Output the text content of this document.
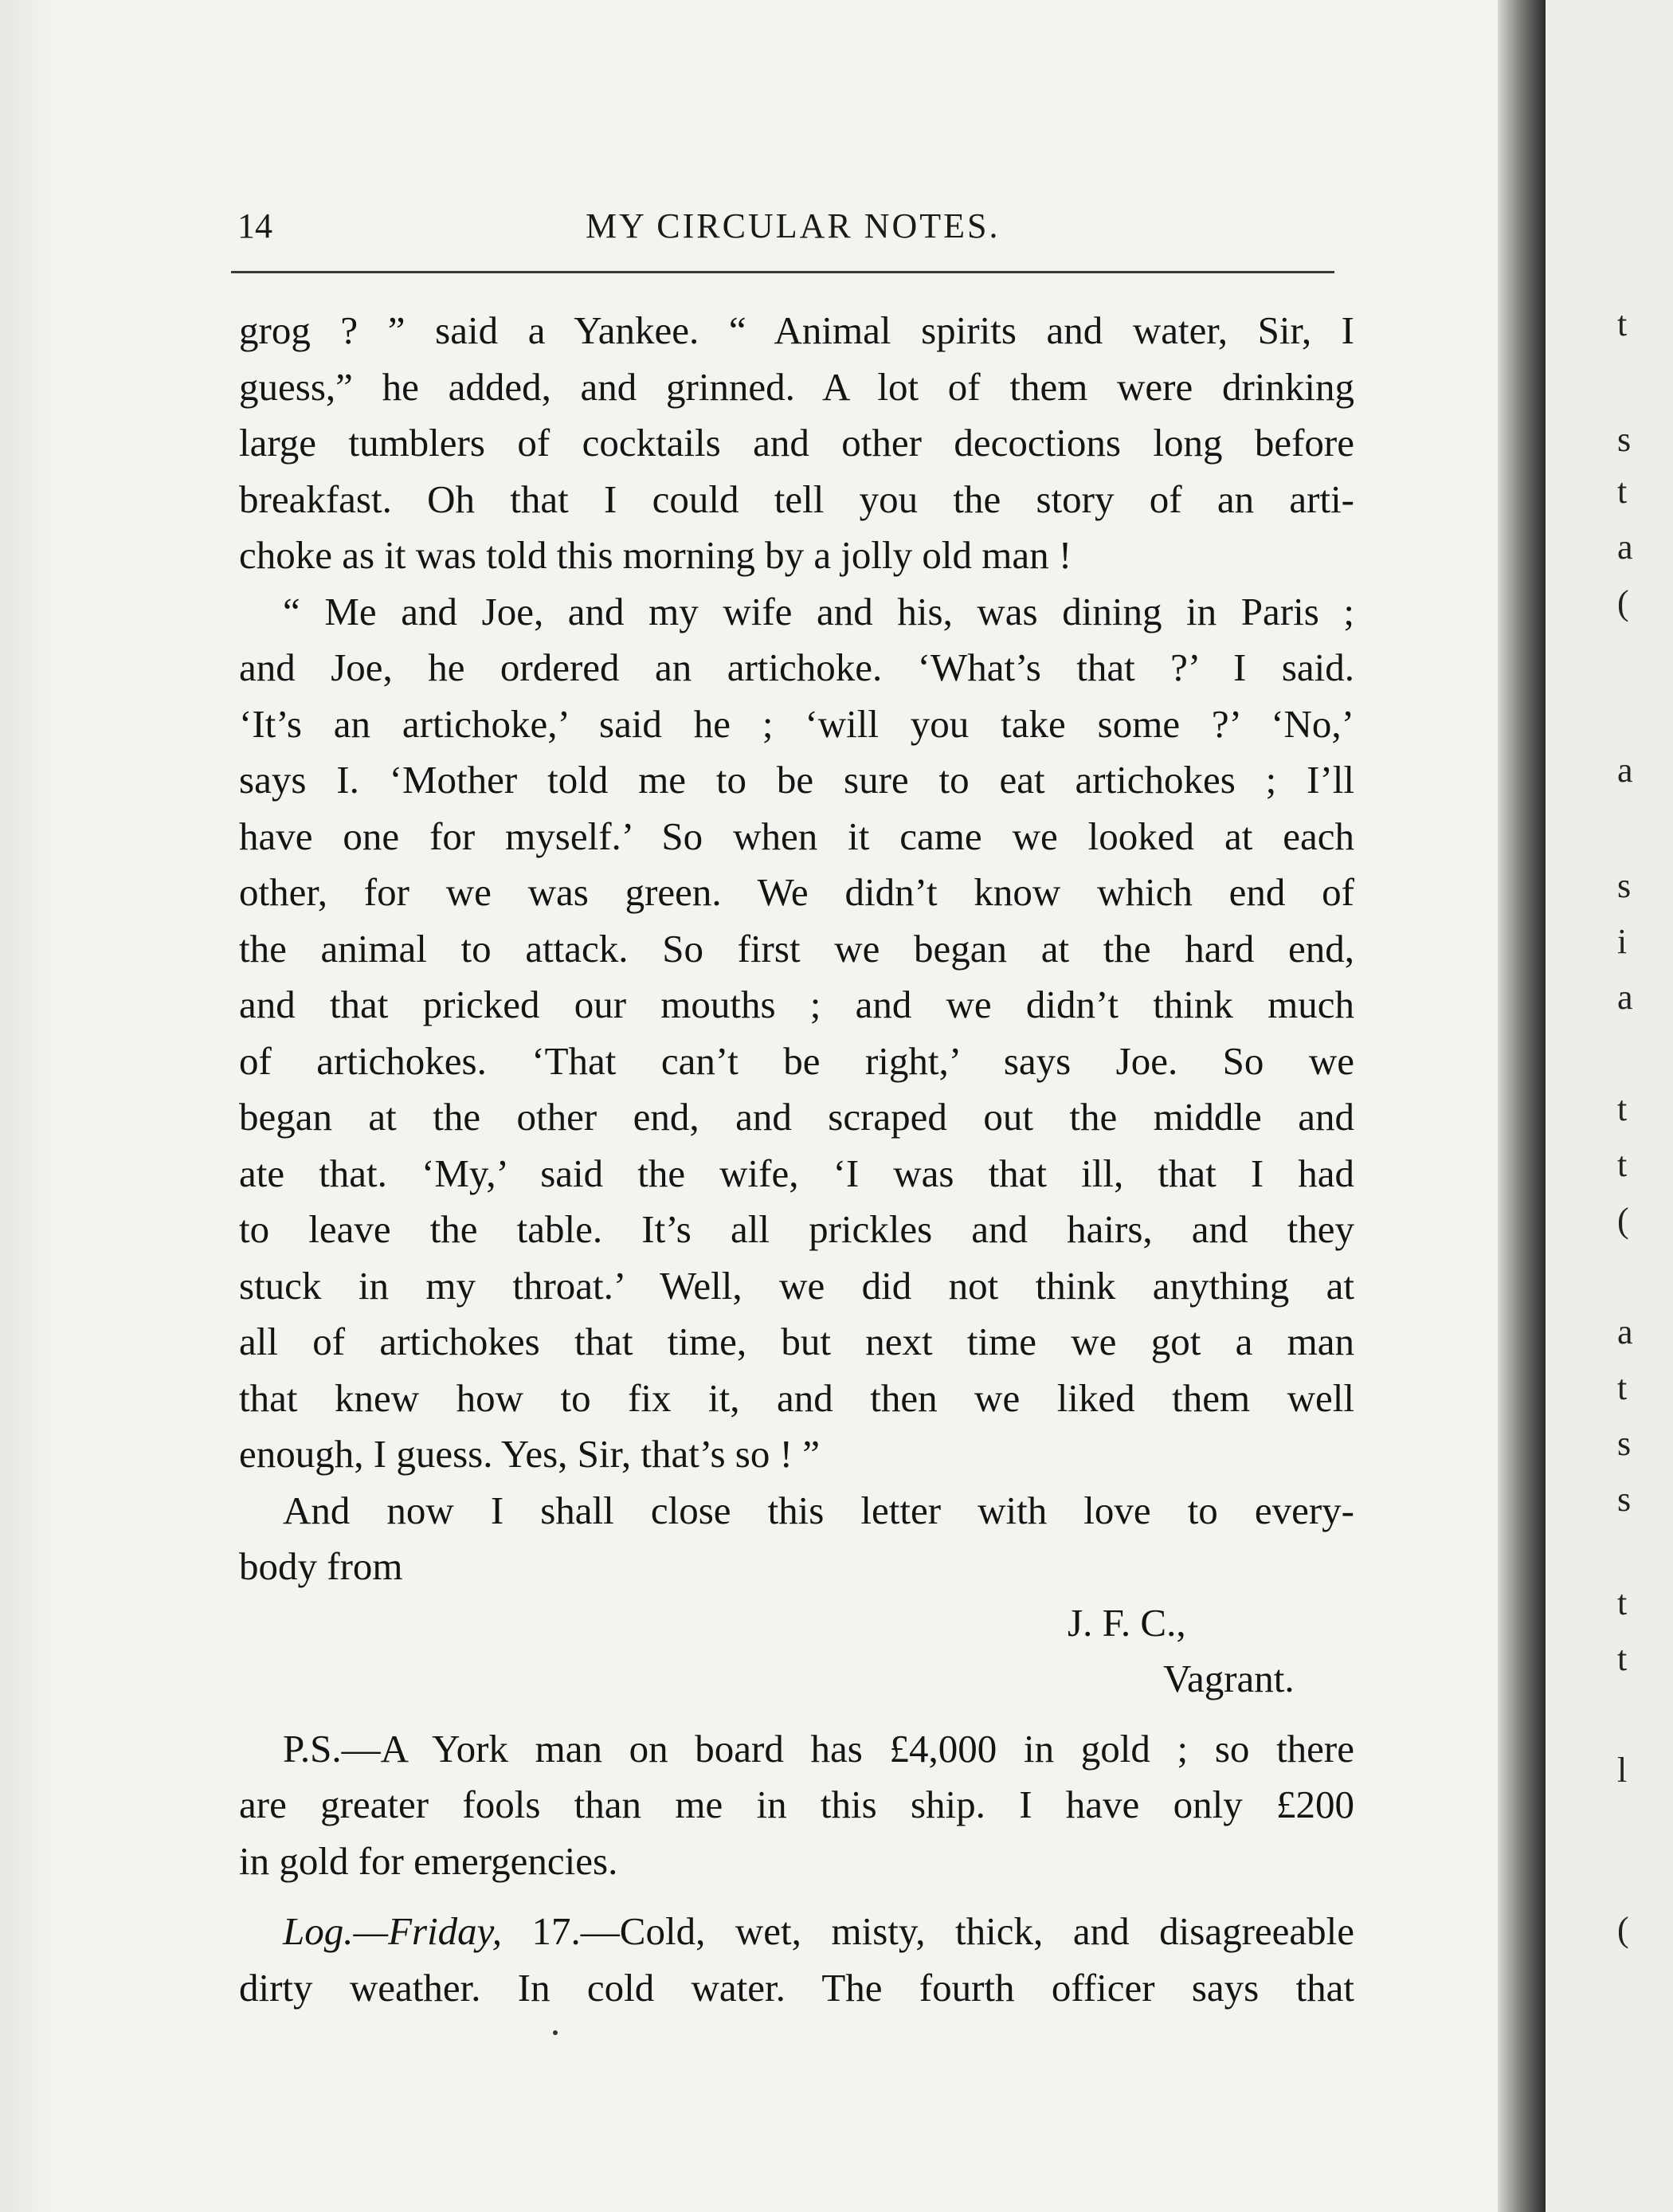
14	MY CIRCULAR NOTES.
grog ? ” said a Yankee. “ Animal spirits and water, Sir, I
guess,” he added, and grinned. A lot of them were drinking
large tumblers of cocktails and other decoctions long before
breakfast. Oh that I could tell you the story of an arti-
choke as it was told this morning by a jolly old man !
“ Me and Joe, and my wife and his, was dining in Paris ;
and Joe, he ordered an artichoke. ‘What’s that ?’ I said.
‘It’s an artichoke,’ said he ; ‘will you take some ?’ ‘No,’
says I. ‘Mother told me to be sure to eat artichokes ; I’ll
have one for myself.’ So when it came we looked at each
other, for we was green. We didn’t know which end of
the animal to attack. So first we began at the hard end,
and that pricked our mouths ; and we didn’t think much
of artichokes. ‘That can’t be right,’ says Joe. So we
began at the other end, and scraped out the middle and
ate that. ‘My,’ said the wife, ‘I was that ill, that I had
to leave the table. It’s all prickles and hairs, and they
stuck in my throat.’ Well, we did not think anything at
all of artichokes that time, but next time we got a man
that knew how to fix it, and then we liked them well
enough, I guess. Yes, Sir, that’s so ! ”
And now I shall close this letter with love to every-
body from
J. F. C.,
Vagrant.
P.S.—A York man on board has £4,000 in gold ; so there
are greater fools than me in this ship. I have only £200
in gold for emergencies.
Log.—Friday, 17.—Cold, wet, misty, thick, and disagreeable
dirty weather. In cold water. The fourth officer says that
t
s
t
a
(
a
s
i
a
t
t
(
a
t
s
s
t
t
l
(
